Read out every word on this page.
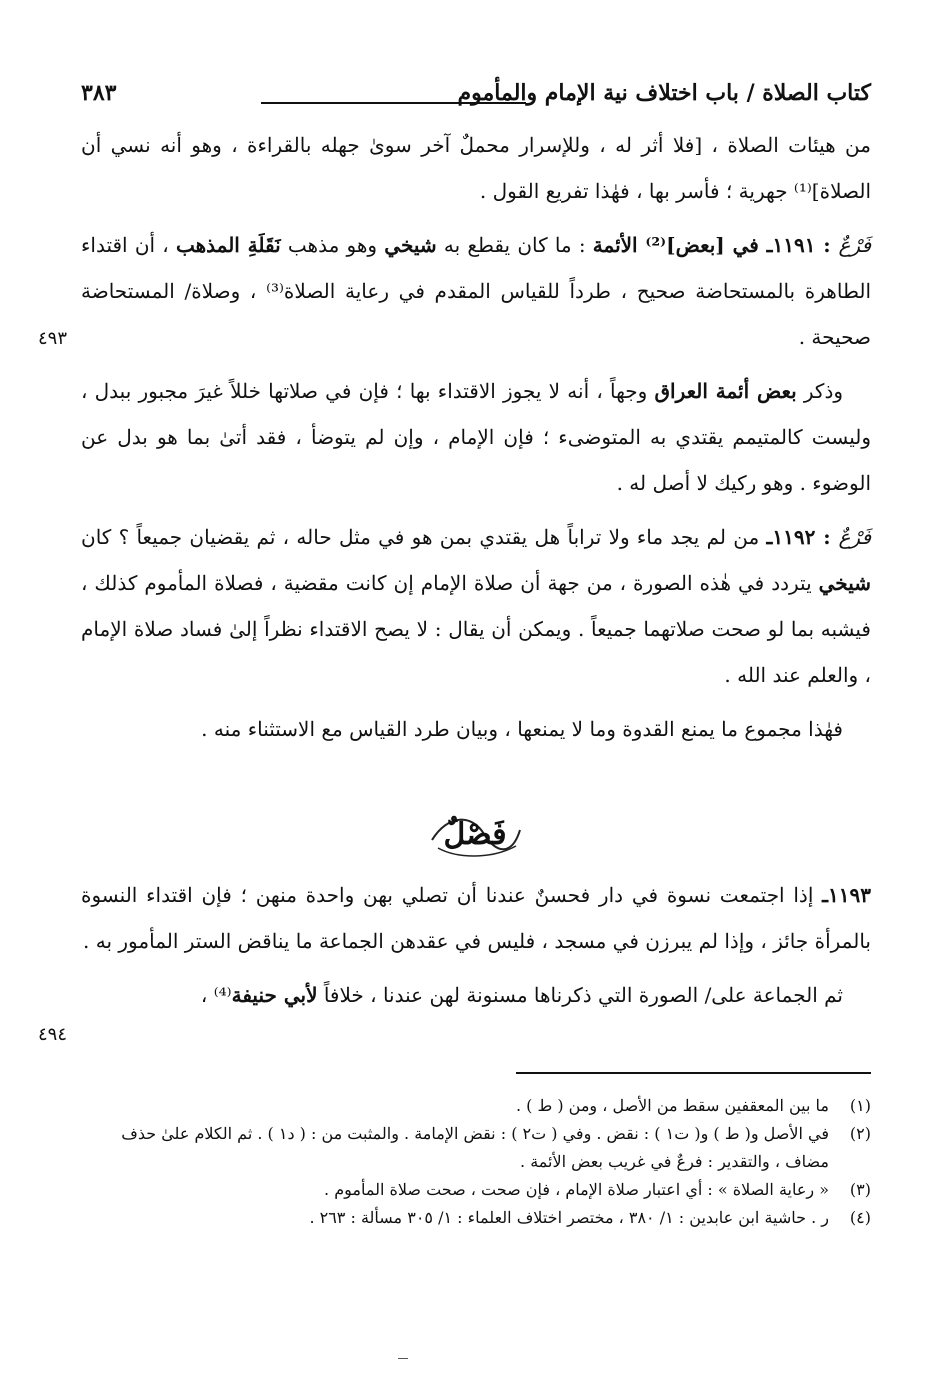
كتاب الصلاة / باب اختلاف نية الإمام والمأموم
٣٨٣

من هيئات الصلاة ، [فلا أثر له ، وللإسرار محملٌ آخر سوىٰ جهله بالقراءة ، وهو أنه نسي أن الصلاة]⁽¹⁾ جهرية ؛ فأسر بها ، فهٰذا تفريع القول .

فَرْعٌ : ١١٩١ـ في [بعض]⁽²⁾ الأئمة : ما كان يقطع به شيخي وهو مذهب نَقَلَةِ المذهب ، أن اقتداء الطاهرة بالمستحاضة صحيح ، طرداً للقياس المقدم في رعاية الصلاة⁽³⁾ ، وصلاة/ المستحاضة صحيحة .

وذكر بعض أئمة العراق وجهاً ، أنه لا يجوز الاقتداء بها ؛ فإن في صلاتها خللاً غيرَ مجبور ببدل ، وليست كالمتيمم يقتدي به المتوضىء ؛ فإن الإمام ، وإن لم يتوضأ ، فقد أتىٰ بما هو بدل عن الوضوء . وهو ركيك لا أصل له .

فَرْعٌ : ١١٩٢ـ من لم يجد ماء ولا تراباً هل يقتدي بمن هو في مثل حاله ، ثم يقضيان جميعاً ؟ كان شيخي يتردد في هٰذه الصورة ، من جهة أن صلاة الإمام إن كانت مقضية ، فصلاة المأموم كذلك ، فيشبه بما لو صحت صلاتهما جميعاً . ويمكن أن يقال : لا يصح الاقتداء نظراً إلىٰ فساد صلاة الإمام ، والعلم عند الله .

فهٰذا مجموع ما يمنع القدوة وما لا يمنعها ، وبيان طرد القياس مع الاستثناء منه .

٤٩٣
فَصْلٌ

١١٩٣ـ إذا اجتمعت نسوة في دار فحسنٌ عندنا أن تصلي بهن واحدة منهن ؛ فإن اقتداء النسوة بالمرأة جائز ، وإذا لم يبرزن في مسجد ، فليس في عقدهن الجماعة ما يناقض الستر المأمور به .

ثم الجماعة على/ الصورة التي ذكرناها مسنونة لهن عندنا ، خلافاً لأبي حنيفة⁽⁴⁾ ،

٤٩٤
(١)
ما بين المعقفين سقط من الأصل ، ومن ( ط ) .
(٢)
في الأصل و( ط ) و( ت١ ) : نقض . وفي ( ت٢ ) : نقض الإمامة . والمثبت من : ( د١ ) . ثم الكلام علىٰ حذف مضاف ، والتقدير : فرعٌ في غريب بعض الأئمة .
(٣)
« رعاية الصلاة » : أي اعتبار صلاة الإمام ، فإن صحت ، صحت صلاة المأموم .
(٤)
ر . حاشية ابن عابدين : ١/ ٣٨٠ ، مختصر اختلاف العلماء : ١/ ٣٠٥ مسألة : ٢٦٣ .
